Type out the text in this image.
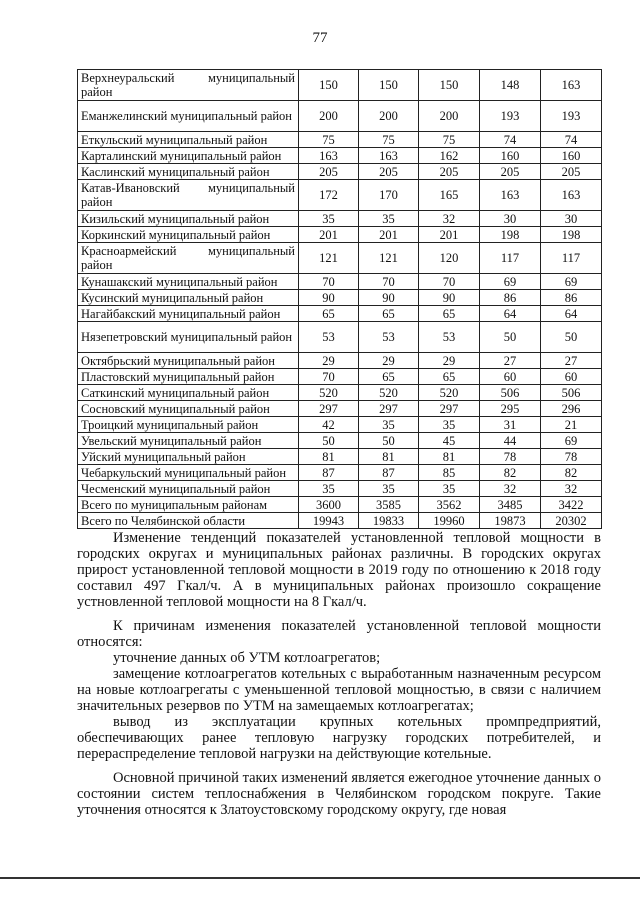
77
Верхнеуральский муниципальный район	150	150	150	148	163
Еманжелинский муниципальный район	200	200	200	193	193
Еткульский муниципальный район	75	75	75	74	74
Карталинский муниципальный район	163	163	162	160	160
Каслинский муниципальный район	205	205	205	205	205
Катав-Ивановский муниципальный район	172	170	165	163	163
Кизильский муниципальный район	35	35	32	30	30
Коркинский муниципальный район	201	201	201	198	198
Красноармейский муниципальный район	121	121	120	117	117
Кунашакский муниципальный район	70	70	70	69	69
Кусинский муниципальный район	90	90	90	86	86
Нагайбакский муниципальный район	65	65	65	64	64
Нязепетровский муниципальный район	53	53	53	50	50
Октябрьский муниципальный район	29	29	29	27	27
Пластовский муниципальный район	70	65	65	60	60
Саткинский муниципальный район	520	520	520	506	506
Сосновский муниципальный район	297	297	297	295	296
Троицкий муниципальный район	42	35	35	31	21
Увельский муниципальный район	50	50	45	44	69
Уйский муниципальный район	81	81	81	78	78
Чебаркульский муниципальный район	87	87	85	82	82
Чесменский муниципальный район	35	35	35	32	32
Всего по муниципальным районам	3600	3585	3562	3485	3422
Всего по Челябинской области	19943	19833	19960	19873	20302

Изменение тенденций показателей установленной тепловой мощности в городских округах и муниципальных районах различны. В городских округах прирост установленной тепловой мощности в 2019 году по отношению к 2018 году составил 497 Гкал/ч. А в муниципальных районах произошло сокращение устновленной тепловой мощности на 8 Гкал/ч.

К причинам изменения показателей установленной тепловой мощности относятся:

уточнение данных об УТМ котлоагрегатов;

замещение котлоагрегатов котельных с выработанным назначенным ресурсом на новые котлоагрегаты с уменьшенной тепловой мощностью, в связи с наличием значительных резервов по УТМ на замещаемых котлоагрегатах;

вывод из эксплуатации крупных котельных промпредприятий, обеспечивающих ранее тепловую нагрузку городских потребителей, и перераспределение тепловой нагрузки на действующие котельные.

Основной причиной таких изменений является ежегодное уточнение данных о состоянии систем теплоснабжения в Челябинском городском покруге. Такие уточнения относятся к Златоустовскому городскому округу, где новая
